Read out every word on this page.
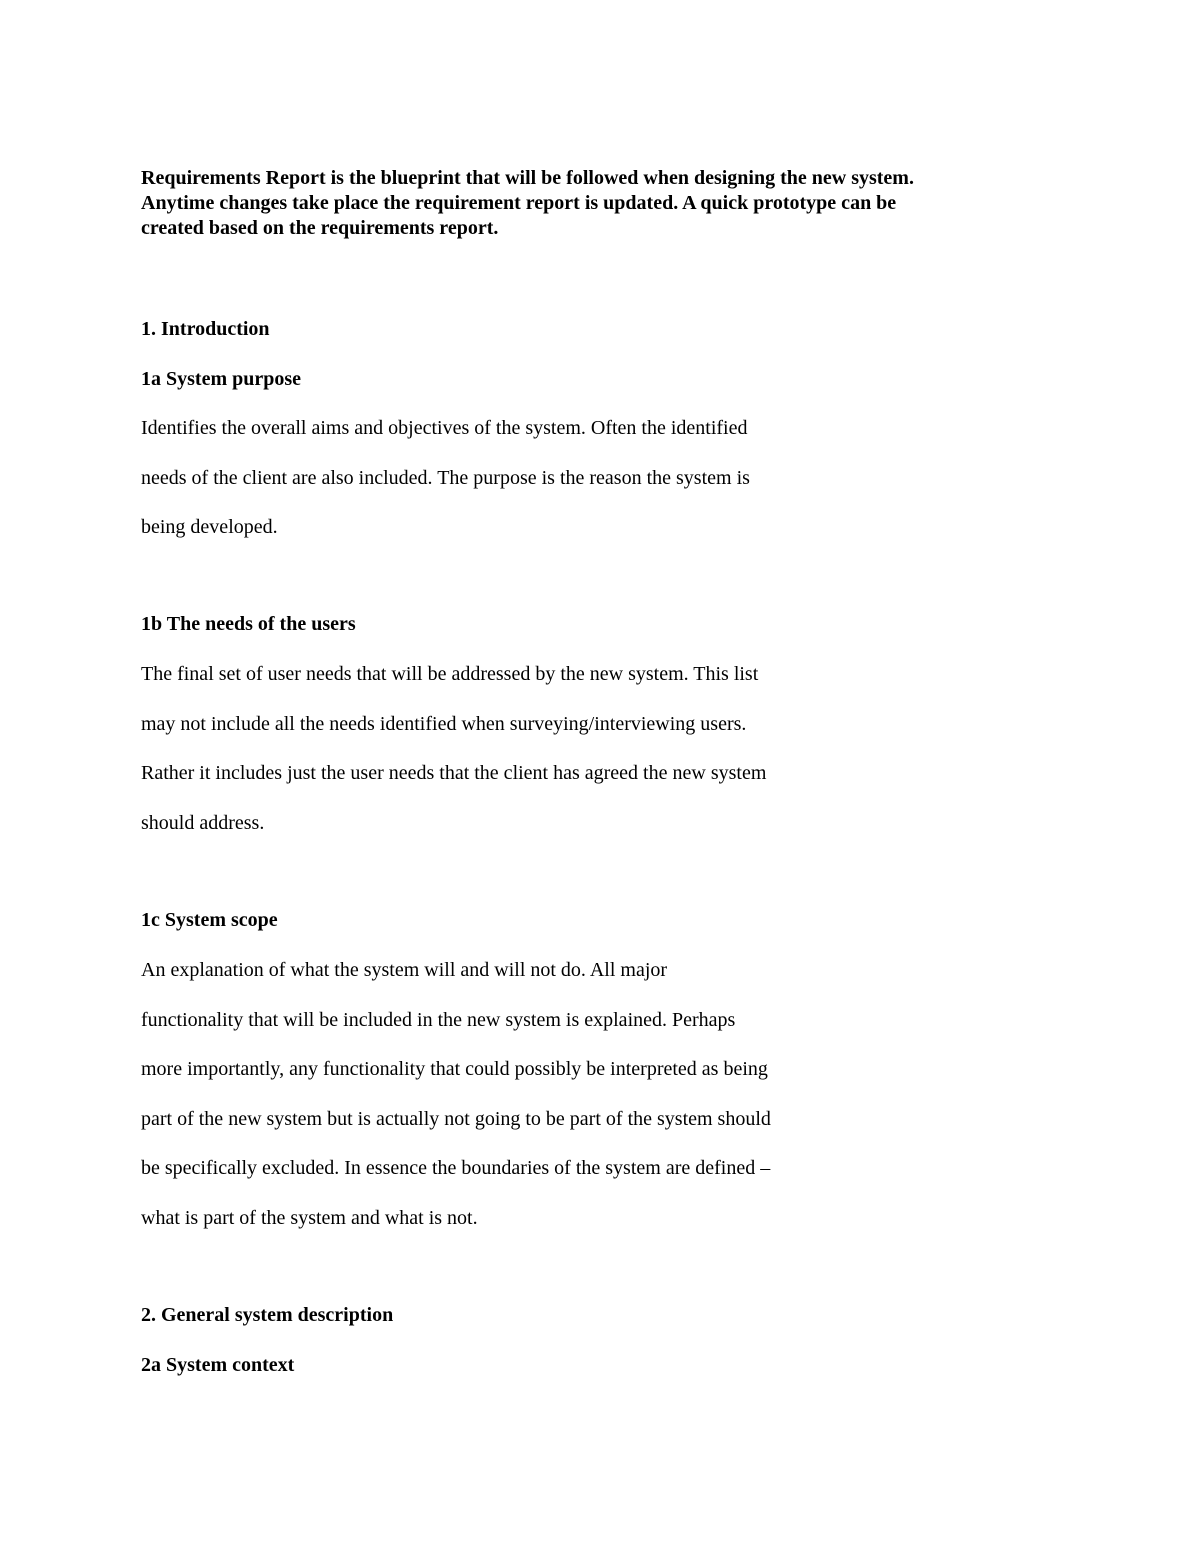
Requirements Report is the blueprint that will be followed when designing the new system.
Anytime changes take place the requirement report is updated. A quick prototype can be
created based on the requirements report.
1. Introduction
1a System purpose
Identifies the overall aims and objectives of the system. Often the identified
needs of the client are also included. The purpose is the reason the system is
being developed.
1b The needs of the users
The final set of user needs that will be addressed by the new system. This list
may not include all the needs identified when surveying/interviewing users.
Rather it includes just the user needs that the client has agreed the new system
should address.
1c System scope
An explanation of what the system will and will not do. All major
functionality that will be included in the new system is explained. Perhaps
more importantly, any functionality that could possibly be interpreted as being
part of the new system but is actually not going to be part of the system should
be specifically excluded. In essence the boundaries of the system are defined –
what is part of the system and what is not.
2. General system description
2a System context
